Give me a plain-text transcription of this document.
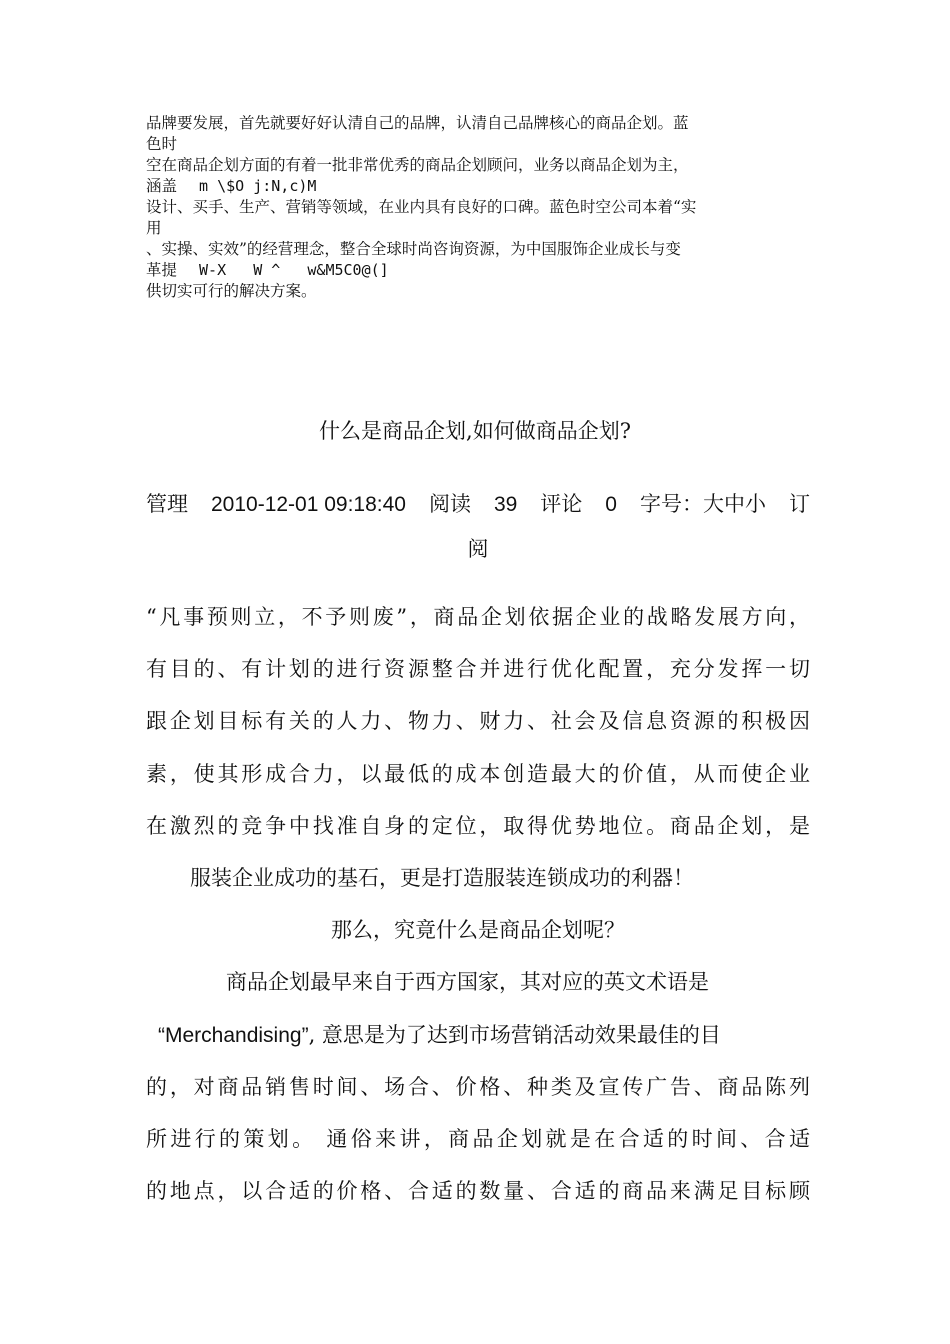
品牌要发展，首先就要好好认清自己的品牌，认清自己品牌核心的商品企划。蓝
色时
空在商品企划方面的有着一批非常优秀的商品企划顾问，业务以商品企划为主，
涵盖 m \$O j:N,c)M
设计、买手、生产、营销等领域，在业内具有良好的口碑。蓝色时空公司本着“实
用
、实操、实效”的经营理念，整合全球时尚咨询资源，为中国服饰企业成长与变
革提 W-X   W ^   w&M5C0@(]
供切实可行的解决方案。
什么是商品企划,如何做商品企划?
管理 2010-12-01 09:18:40 阅读 39 评论 0 字号：大中小 订
阅
“凡事预则立，不予则废”，商品企划依据企业的战略发展方向，
有目的、有计划的进行资源整合并进行优化配置，充分发挥一切
跟企划目标有关的人力、物力、财力、社会及信息资源的积极因
素，使其形成合力，以最低的成本创造最大的价值，从而使企业
在激烈的竞争中找准自身的定位，取得优势地位。商品企划，是
服装企业成功的基石，更是打造服装连锁成功的利器！
那么，究竟什么是商品企划呢？
商品企划最早来自于西方国家，其对应的英文术语是
“Merchandising”, 意思是为了达到市场营销活动效果最佳的目
的，对商品销售时间、场合、价格、种类及宣传广告、商品陈列
所进行的策划。 通俗来讲，商品企划就是在合适的时间、合适
的地点，以合适的价格、合适的数量、合适的商品来满足目标顾
